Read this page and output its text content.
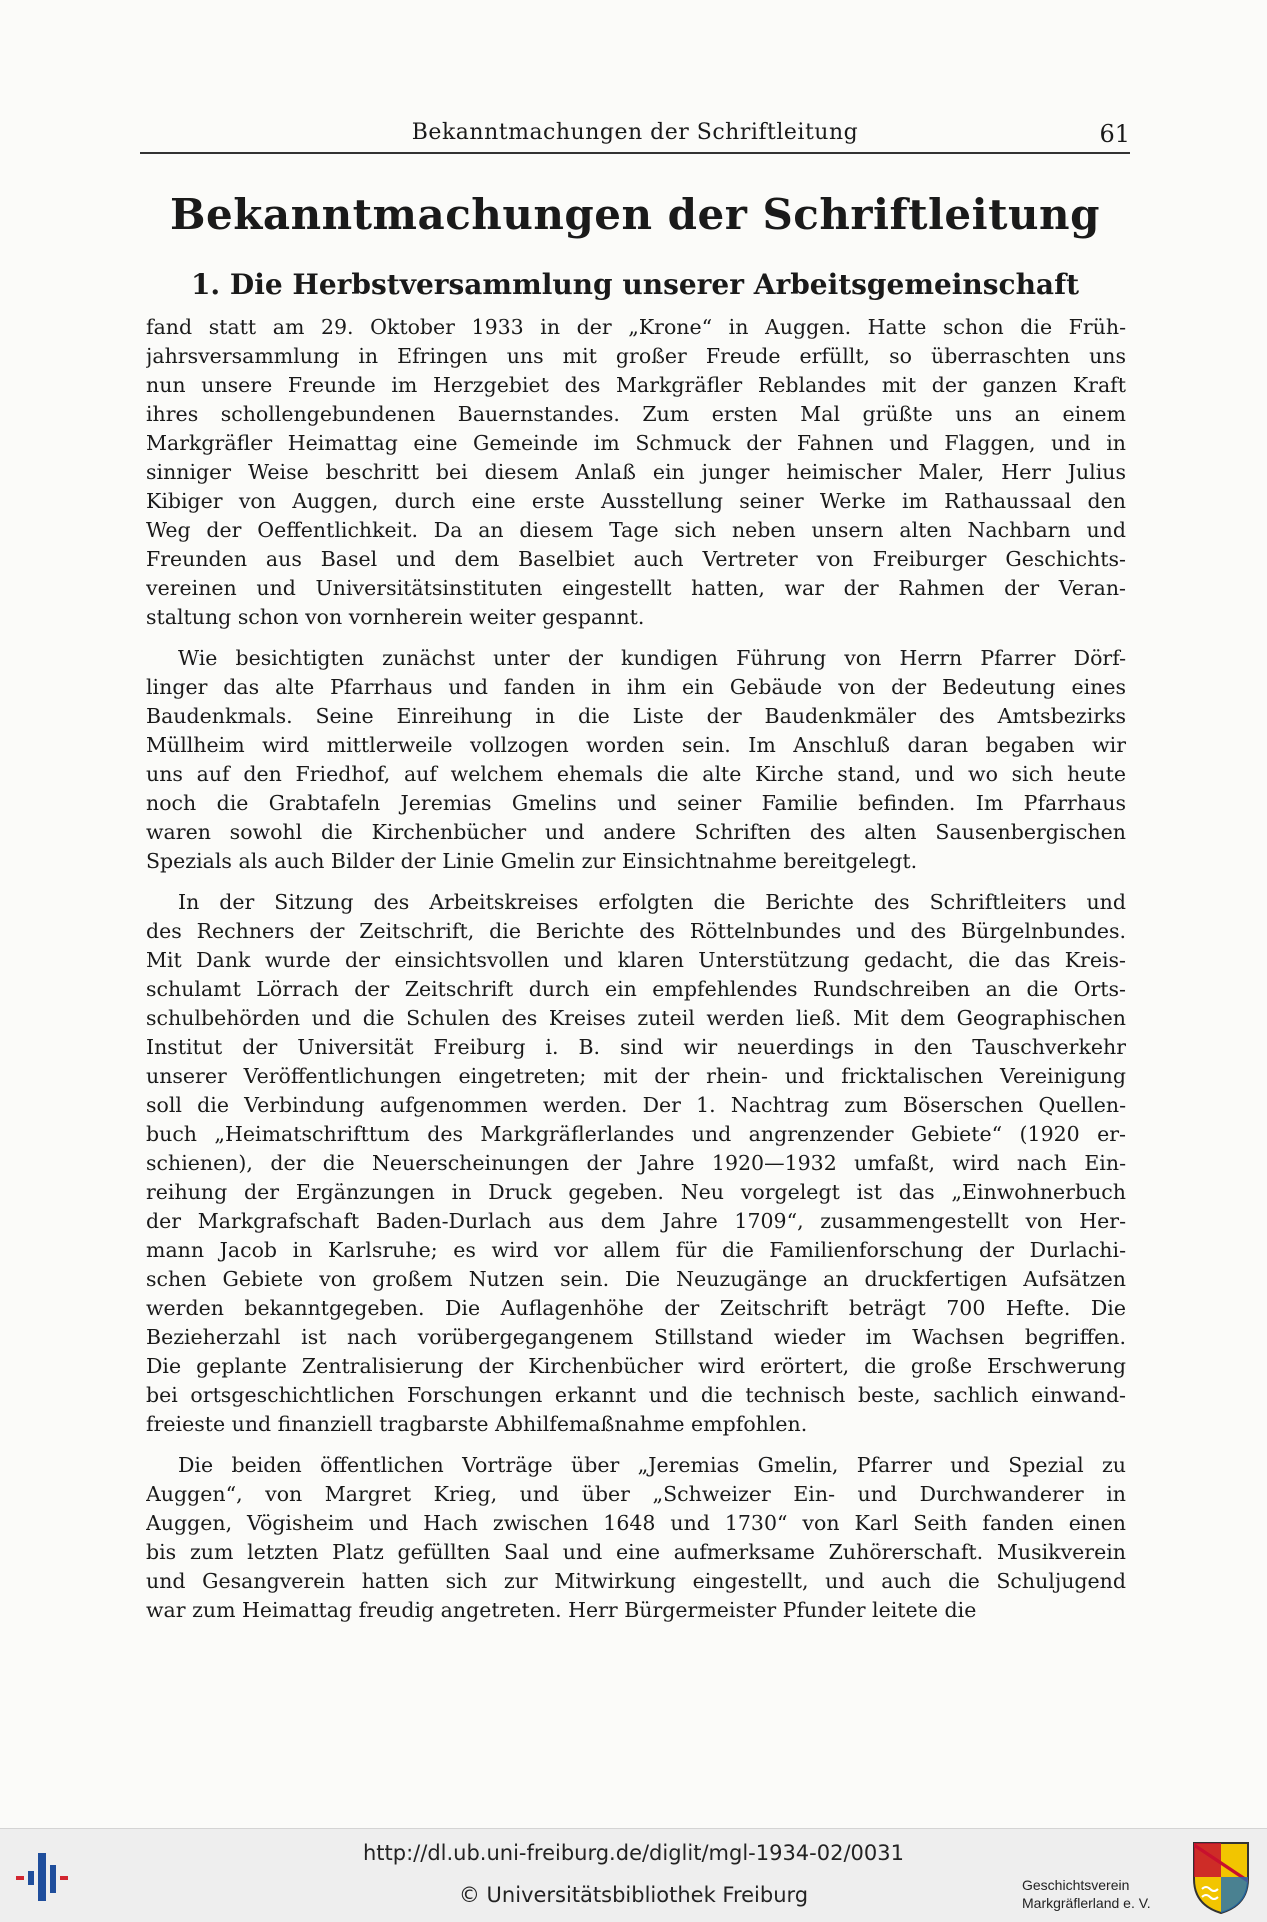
Bekanntmachungen der Schriftleitung	61
Bekanntmachungen der Schriftleitung
1. Die Herbstversammlung unserer Arbeitsgemeinschaft
fand statt am 29. Oktober 1933 in der „Krone“ in Auggen. Hatte schon die Früh-
jahrsversammlung in Efringen uns mit großer Freude erfüllt, so überraschten uns
nun unsere Freunde im Herzgebiet des Markgräfler Reblandes mit der ganzen Kraft
ihres schollengebundenen Bauernstandes. Zum ersten Mal grüßte uns an einem
Markgräfler Heimattag eine Gemeinde im Schmuck der Fahnen und Flaggen, und in
sinniger Weise beschritt bei diesem Anlaß ein junger heimischer Maler, Herr Julius
Kibiger von Auggen, durch eine erste Ausstellung seiner Werke im Rathaussaal den
Weg der Oeffentlichkeit. Da an diesem Tage sich neben unsern alten Nachbarn und
Freunden aus Basel und dem Baselbiet auch Vertreter von Freiburger Geschichts-
vereinen und Universitätsinstituten eingestellt hatten, war der Rahmen der Veran-
staltung schon von vornherein weiter gespannt.
Wie besichtigten zunächst unter der kundigen Führung von Herrn Pfarrer Dörf-
linger das alte Pfarrhaus und fanden in ihm ein Gebäude von der Bedeutung eines
Baudenkmals. Seine Einreihung in die Liste der Baudenkmäler des Amtsbezirks
Müllheim wird mittlerweile vollzogen worden sein. Im Anschluß daran begaben wir
uns auf den Friedhof, auf welchem ehemals die alte Kirche stand, und wo sich heute
noch die Grabtafeln Jeremias Gmelins und seiner Familie befinden. Im Pfarrhaus
waren sowohl die Kirchenbücher und andere Schriften des alten Sausenbergischen
Spezials als auch Bilder der Linie Gmelin zur Einsichtnahme bereitgelegt.
In der Sitzung des Arbeitskreises erfolgten die Berichte des Schriftleiters und
des Rechners der Zeitschrift, die Berichte des Röttelnbundes und des Bürgelnbundes.
Mit Dank wurde der einsichtsvollen und klaren Unterstützung gedacht, die das Kreis-
schulamt Lörrach der Zeitschrift durch ein empfehlendes Rundschreiben an die Orts-
schulbehörden und die Schulen des Kreises zuteil werden ließ. Mit dem Geographischen
Institut der Universität Freiburg i. B. sind wir neuerdings in den Tauschverkehr
unserer Veröffentlichungen eingetreten; mit der rhein- und fricktalischen Vereinigung
soll die Verbindung aufgenommen werden. Der 1. Nachtrag zum Böserschen Quellen-
buch „Heimatschrifttum des Markgräflerlandes und angrenzender Gebiete“ (1920 er-
schienen), der die Neuerscheinungen der Jahre 1920—1932 umfaßt, wird nach Ein-
reihung der Ergänzungen in Druck gegeben. Neu vorgelegt ist das „Einwohnerbuch
der Markgrafschaft Baden-Durlach aus dem Jahre 1709“, zusammengestellt von Her-
mann Jacob in Karlsruhe; es wird vor allem für die Familienforschung der Durlachi-
schen Gebiete von großem Nutzen sein. Die Neuzugänge an druckfertigen Aufsätzen
werden bekanntgegeben. Die Auflagenhöhe der Zeitschrift beträgt 700 Hefte. Die
Bezieherzahl ist nach vorübergegangenem Stillstand wieder im Wachsen begriffen.
Die geplante Zentralisierung der Kirchenbücher wird erörtert, die große Erschwerung
bei ortsgeschichtlichen Forschungen erkannt und die technisch beste, sachlich einwand-
freieste und finanziell tragbarste Abhilfemaßnahme empfohlen.
Die beiden öffentlichen Vorträge über „Jeremias Gmelin, Pfarrer und Spezial zu
Auggen“, von Margret Krieg, und über „Schweizer Ein- und Durchwanderer in
Auggen, Vögisheim und Hach zwischen 1648 und 1730“ von Karl Seith fanden einen
bis zum letzten Platz gefüllten Saal und eine aufmerksame Zuhörerschaft. Musikverein
und Gesangverein hatten sich zur Mitwirkung eingestellt, und auch die Schuljugend
war zum Heimattag freudig angetreten. Herr Bürgermeister Pfunder leitete die
http://dl.ub.uni-freiburg.de/diglit/mgl-1934-02/0031
© Universitätsbibliothek Freiburg	Geschichtsverein
Markgräflerland e. V.
